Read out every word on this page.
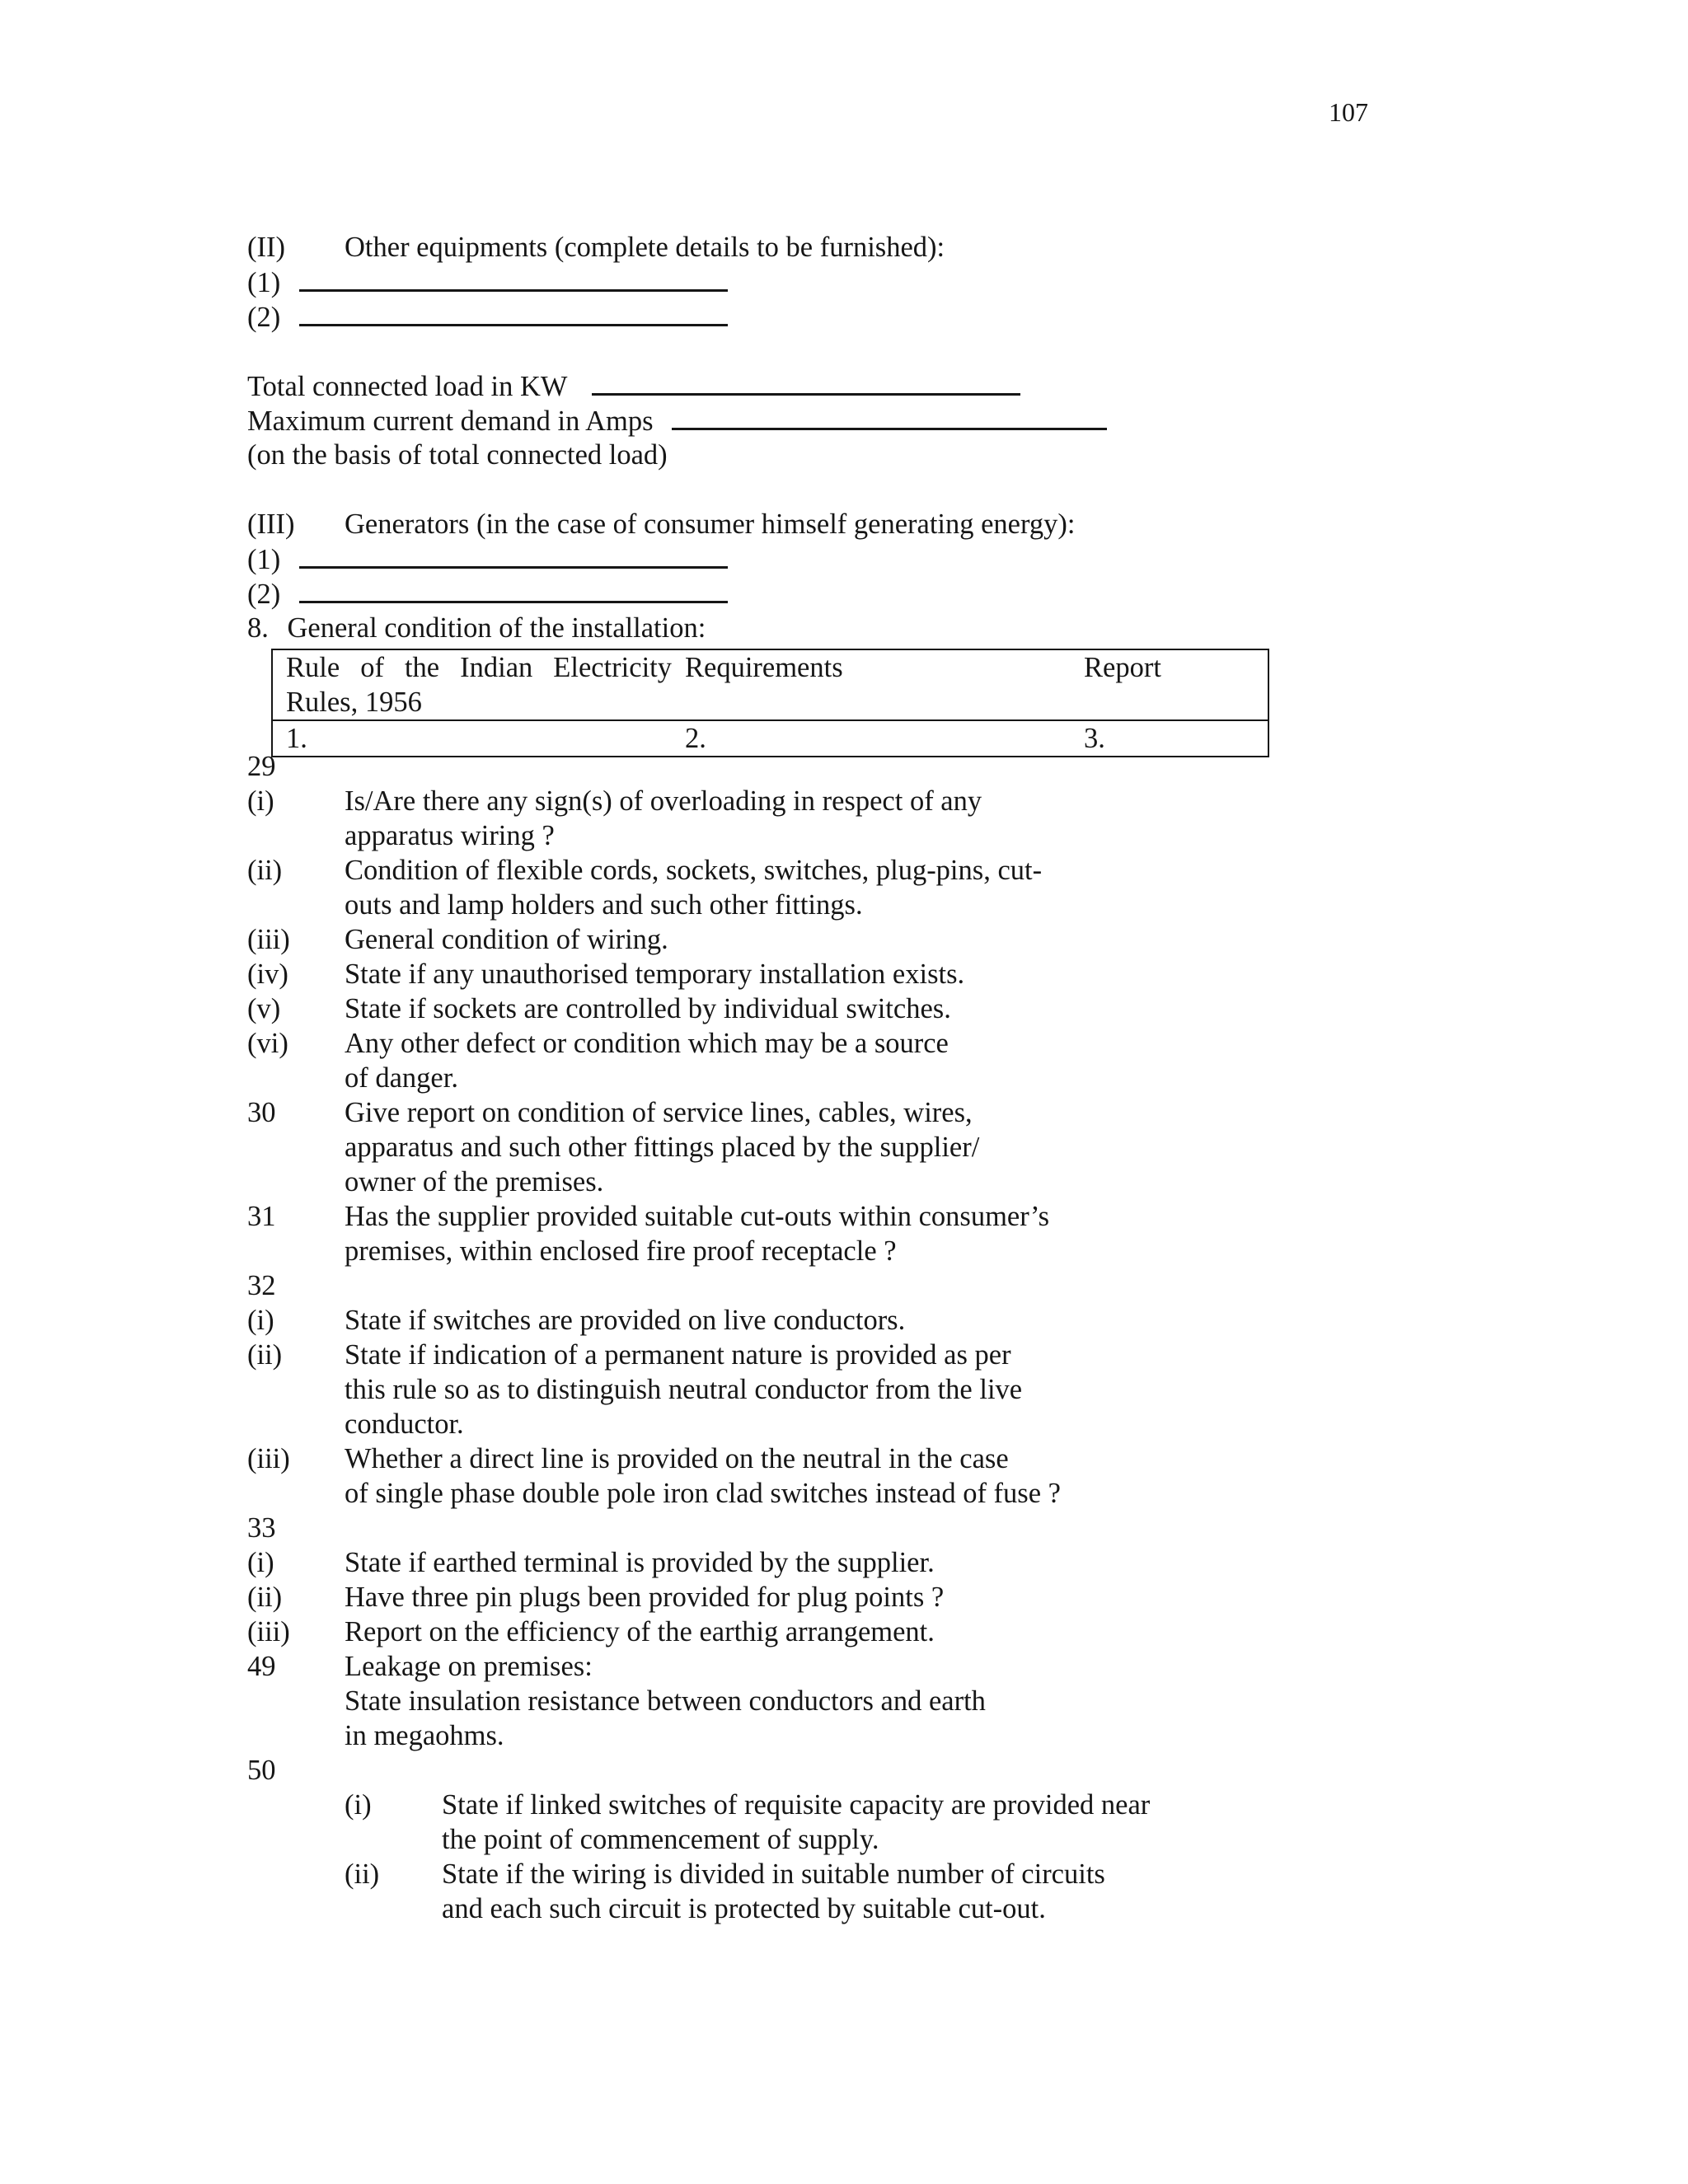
107
(II) Other equipments (complete details to be furnished):
(1)
(2)
Total connected load in KW
Maximum current demand in Amps
(on the basis of total connected load)
(III) Generators (in the case of consumer himself generating energy):
(1)
(2)
8. General condition of the installation:
Rule of the Indian Electricity Rules, 1956	Requirements	Report
1.	2.	3.
29
(i) Is/Are there any sign(s) of overloading in respect of any
apparatus wiring ?
(ii) Condition of flexible cords, sockets, switches, plug-pins, cut-
outs and lamp holders and such other fittings.
(iii) General condition of wiring.
(iv) State if any unauthorised temporary installation exists.
(v) State if sockets are controlled by individual switches.
(vi) Any other defect or condition which may be a source
of danger.
30 Give report on condition of service lines, cables, wires,
apparatus and such other fittings placed by the supplier/
owner of the premises.
31 Has the supplier provided suitable cut-outs within consumer’s
premises, within enclosed fire proof receptacle ?
32
(i) State if switches are provided on live conductors.
(ii) State if indication of a permanent nature is provided as per
this rule so as to distinguish neutral conductor from the live
conductor.
(iii) Whether a direct line is provided on the neutral in the case
of single phase double pole iron clad switches instead of fuse ?
33
(i) State if earthed terminal is provided by the supplier.
(ii) Have three pin plugs been provided for plug points ?
(iii) Report on the efficiency of the earthig arrangement.
49 Leakage on premises:
State insulation resistance between conductors and earth
in megaohms.
50
(i) State if linked switches of requisite capacity are provided near
the point of commencement of supply.
(ii) State if the wiring is divided in suitable number of circuits
and each such circuit is protected by suitable cut-out.
